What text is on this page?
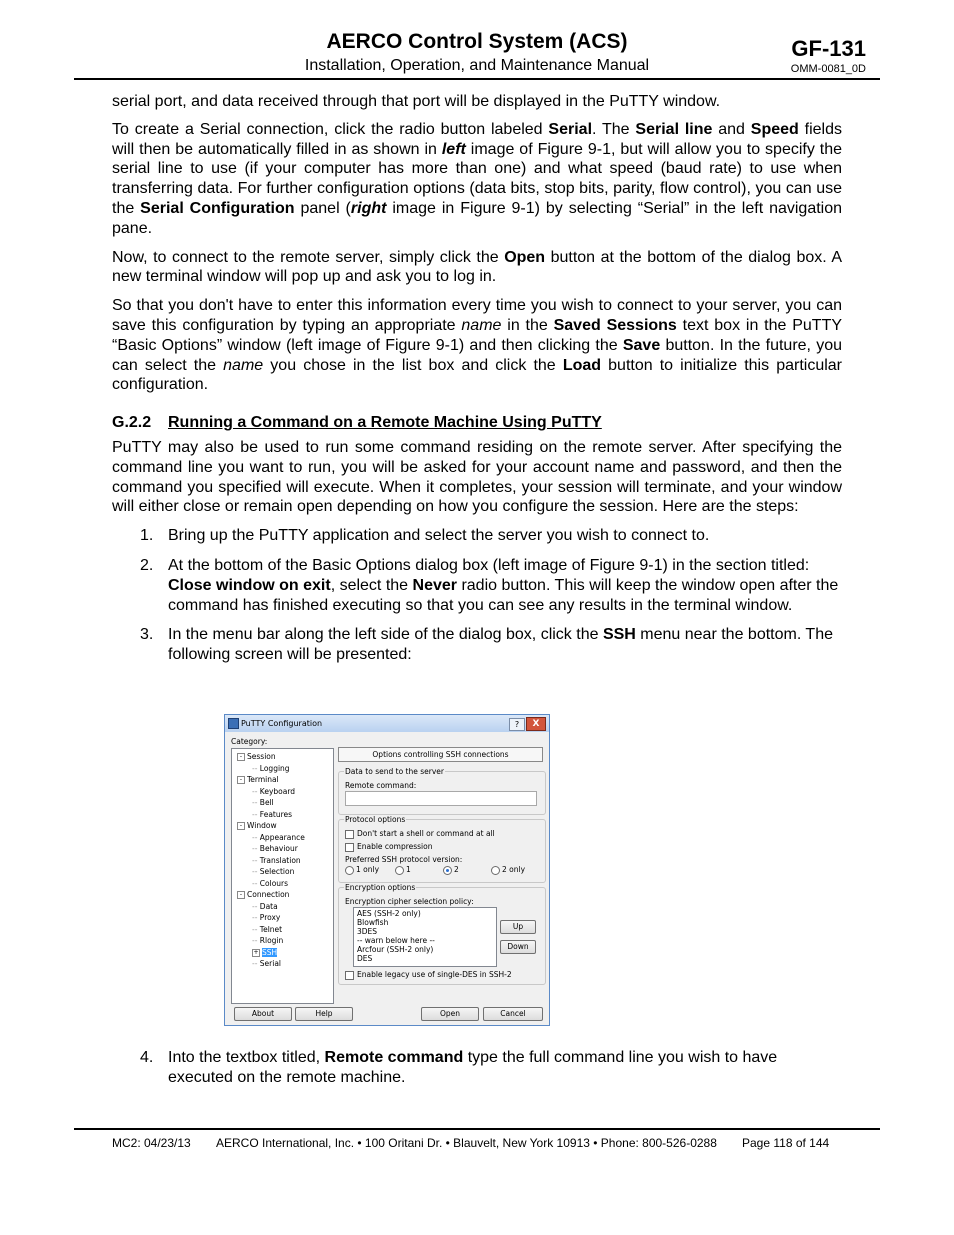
AERCO Control System (ACS)
Installation, Operation, and Maintenance Manual
GF-131
OMM-0081_0D

serial port, and data received through that port will be displayed in the PuTTY window.

To create a Serial connection, click the radio button labeled Serial. The Serial line and Speed fields will then be automatically filled in as shown in left image of Figure 9-1, but will allow you to specify the serial line to use (if your computer has more than one) and what speed (baud rate) to use when transferring data. For further configuration options (data bits, stop bits, parity, flow control), you can use the Serial Configuration panel (right image in Figure 9-1) by selecting “Serial” in the left navigation pane.

Now, to connect to the remote server, simply click the Open button at the bottom of the dialog box. A new terminal window will pop up and ask you to log in.

So that you don't have to enter this information every time you wish to connect to your server, you can save this configuration by typing an appropriate name in the Saved Sessions text box in the PuTTY “Basic Options” window (left image of Figure 9-1) and then clicking the Save button. In the future, you can select the name you chose in the list box and click the Load button to initialize this particular configuration.

G.2.2 Running a Command on a Remote Machine Using PuTTY

PuTTY may also be used to run some command residing on the remote server. After specifying the command line you want to run, you will be asked for your account name and password, and then the command you specified will execute. When it completes, your session will terminate, and your window will either close or remain open depending on how you configure the session. Here are the steps:

1. Bring up the PuTTY application and select the server you wish to connect to.
2. At the bottom of the Basic Options dialog box (left image of Figure 9-1) in the section titled: Close window on exit, select the Never radio button. This will keep the window open after the command has finished executing so that you can see any results in the terminal window.
3. In the menu bar along the left side of the dialog box, click the SSH menu near the bottom. The following screen will be presented:
PuTTY Configuration	?	X
Category:
- Session
-- Logging
- Terminal
-- Keyboard
-- Bell
-- Features
- Window
-- Appearance
-- Behaviour
-- Translation
-- Selection
-- Colours
- Connection
-- Data
-- Proxy
-- Telnet
-- Rlogin
+ SSH
-- Serial
Options controlling SSH connections
Data to send to the server
Remote command:
Protocol options
Don't start a shell or command at all
Enable compression
Preferred SSH protocol version:
1 only	1	2	2 only
Encryption options
Encryption cipher selection policy:
AES (SSH-2 only)
Blowfish
3DES
-- warn below here --
Arcfour (SSH-2 only)
DES
Up
Down
Enable legacy use of single-DES in SSH-2
About	Help	Open	Cancel
4. Into the textbox titled, Remote command type the full command line you wish to have executed on the remote machine.
MC2: 04/23/13 AERCO International, Inc. • 100 Oritani Dr. • Blauvelt, New York 10913 • Phone: 800-526-0288 Page 118 of 144
